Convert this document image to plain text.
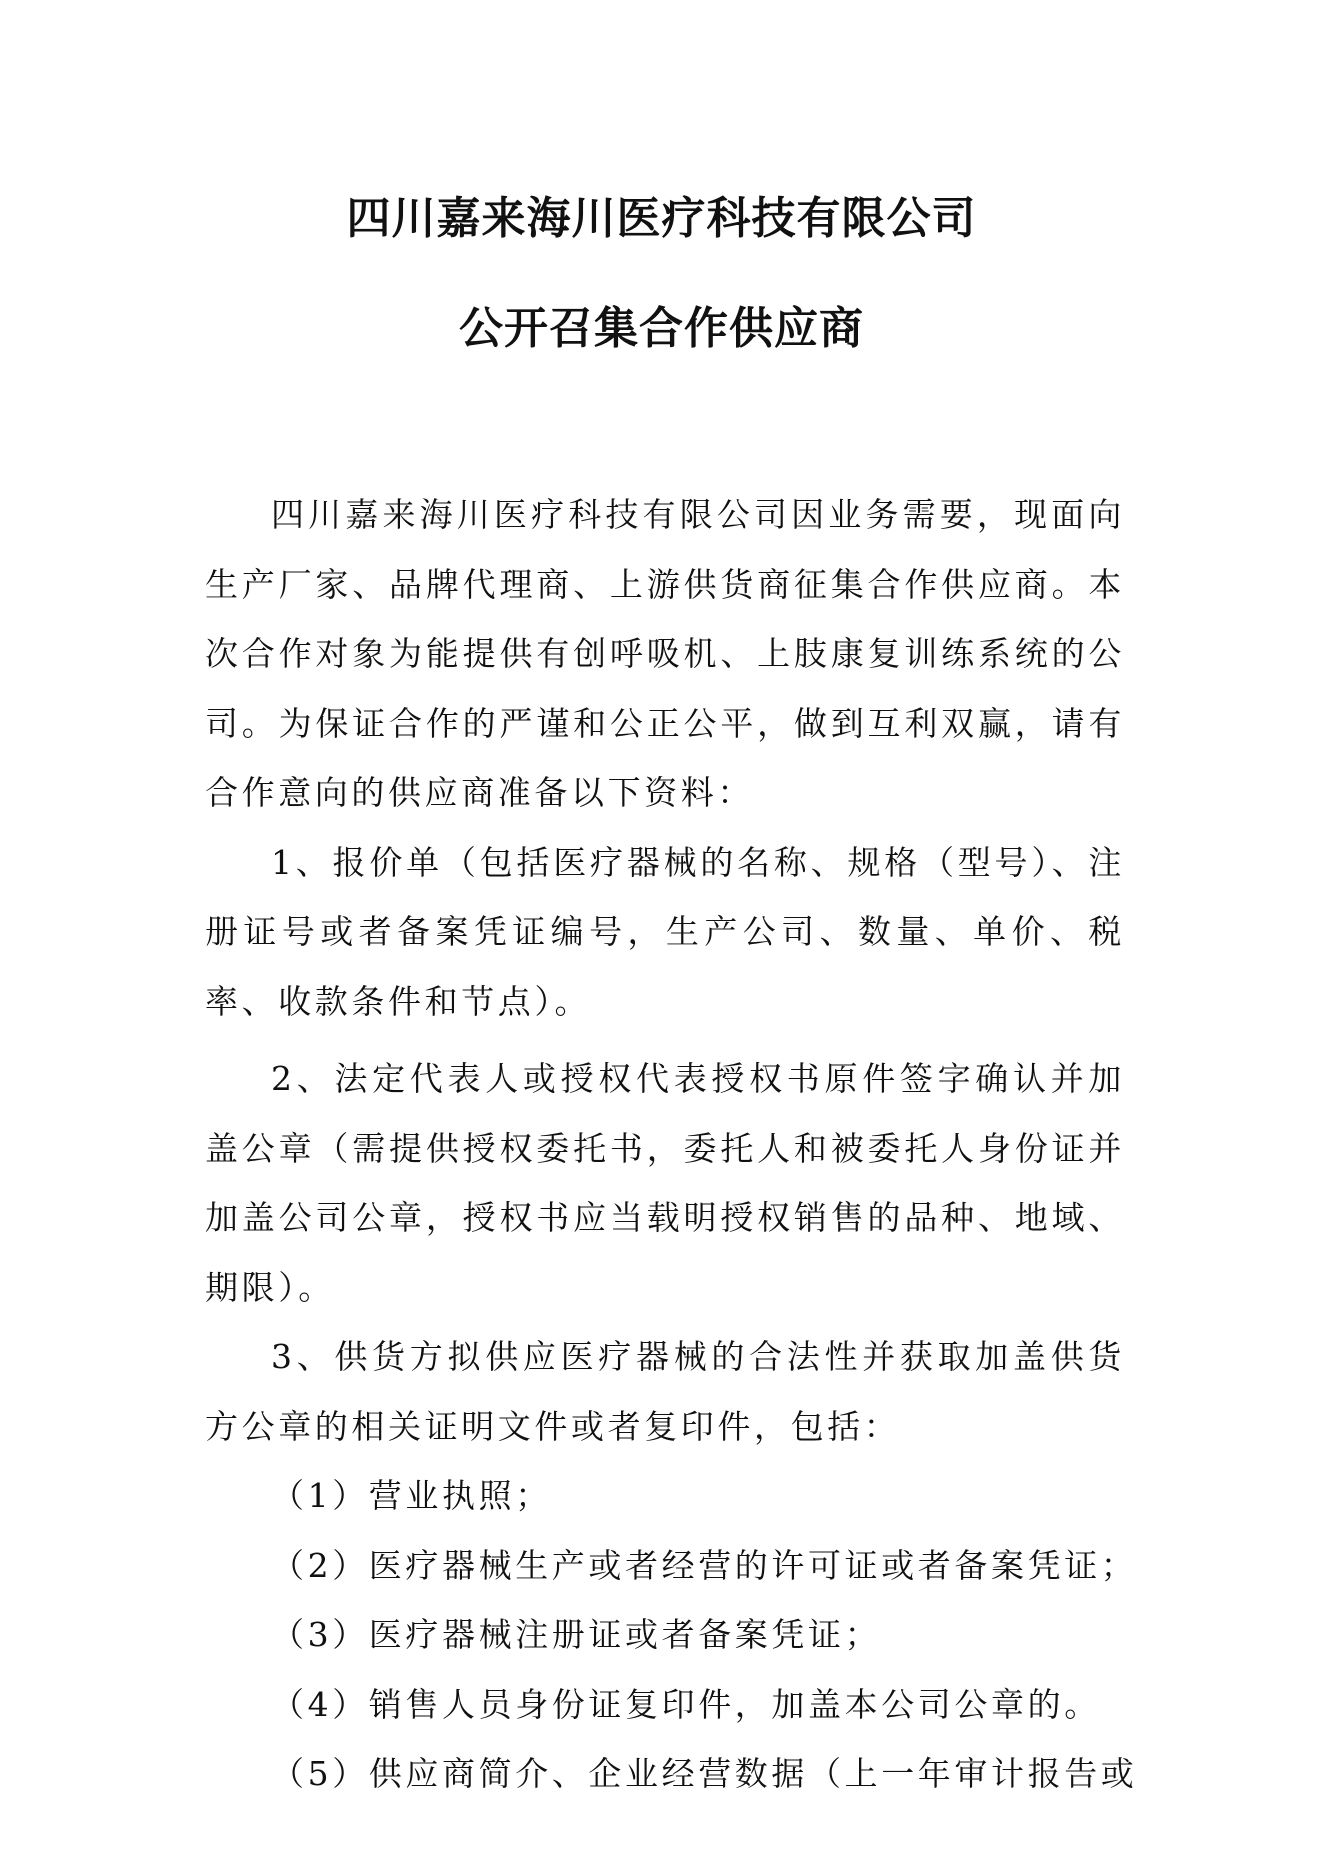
四川嘉来海川医疗科技有限公司
公开召集合作供应商

四川嘉来海川医疗科技有限公司因业务需要，现面向生产厂家、品牌代理商、上游供货商征集合作供应商。本次合作对象为能提供有创呼吸机、上肢康复训练系统的公司。为保证合作的严谨和公正公平，做到互利双赢，请有合作意向的供应商准备以下资料：

1、报价单（包括医疗器械的名称、规格（型号）、注册证号或者备案凭证编号，生产公司、数量、单价、税率、收款条件和节点）。

2、法定代表人或授权代表授权书原件签字确认并加盖公章（需提供授权委托书，委托人和被委托人身份证并加盖公司公章，授权书应当载明授权销售的品种、地域、期限）。

3、供货方拟供应医疗器械的合法性并获取加盖供货方公章的相关证明文件或者复印件，包括：

（1）营业执照；

（2）医疗器械生产或者经营的许可证或者备案凭证；

（3）医疗器械注册证或者备案凭证；

（4）销售人员身份证复印件，加盖本公司公章的。

（5）供应商简介、企业经营数据（上一年审计报告或
